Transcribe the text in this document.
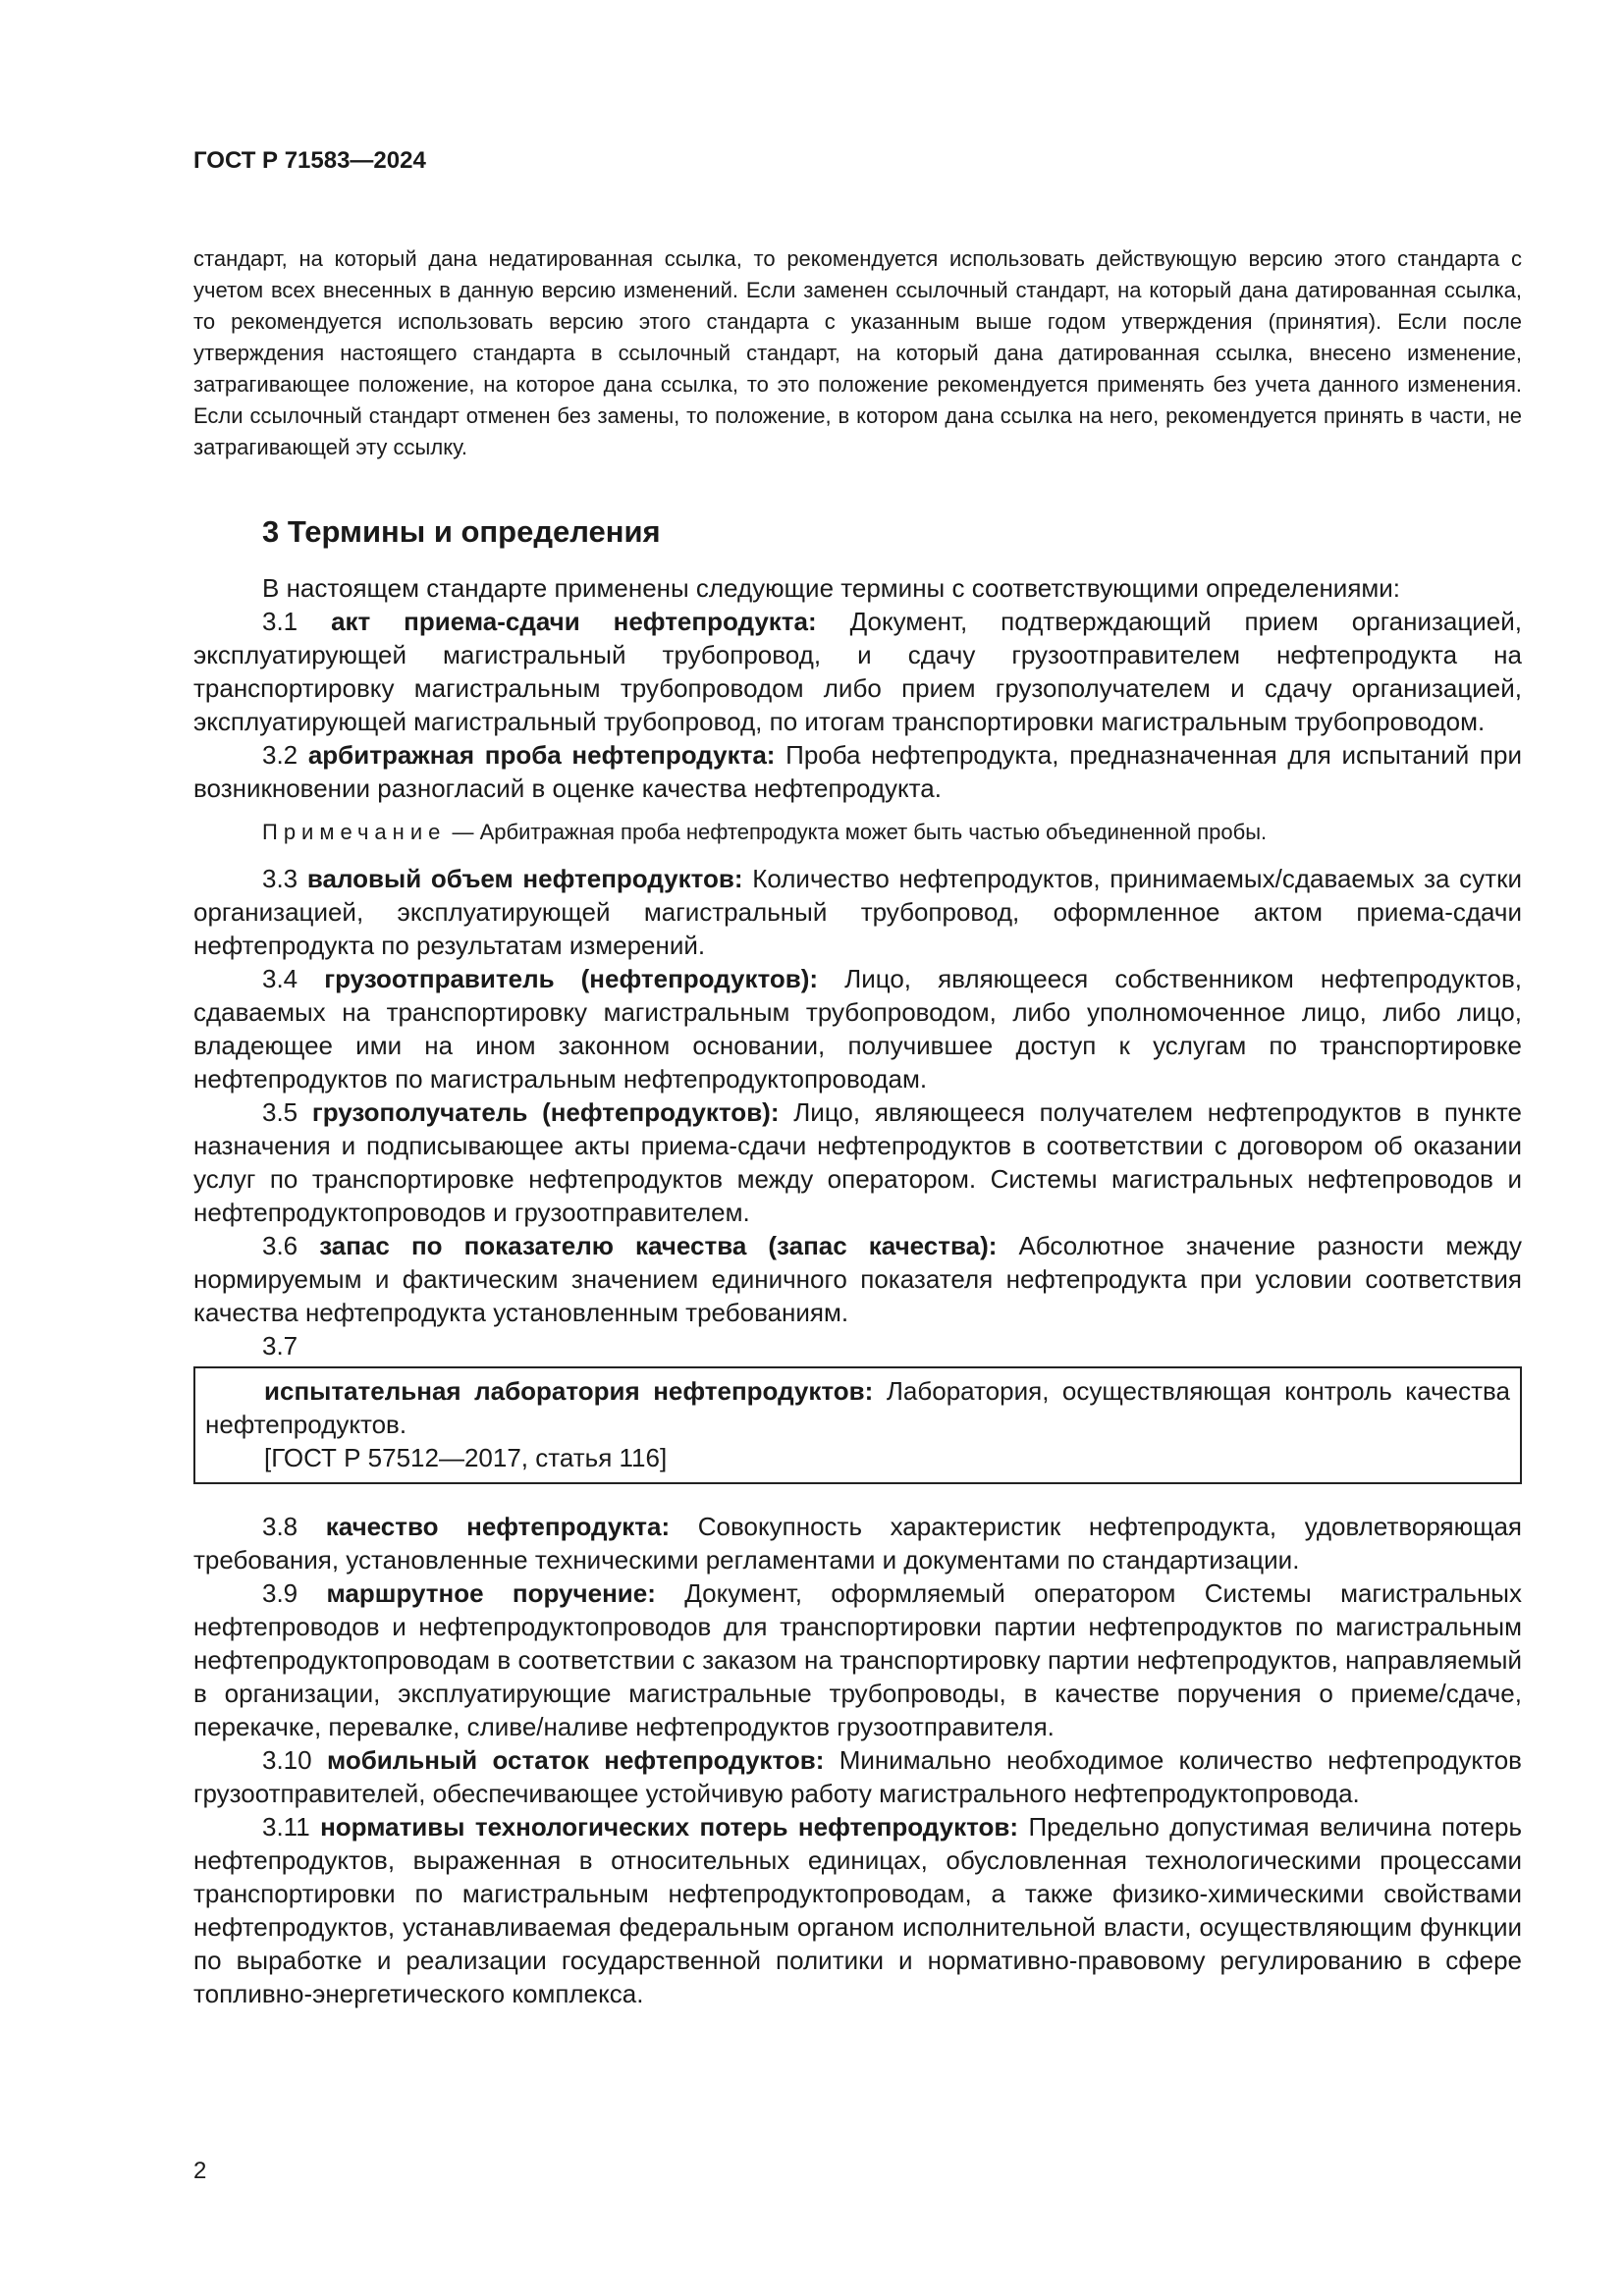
ГОСТ Р 71583—2024

стандарт, на который дана недатированная ссылка, то рекомендуется использовать действующую версию этого стандарта с учетом всех внесенных в данную версию изменений. Если заменен ссылочный стандарт, на который дана датированная ссылка, то рекомендуется использовать версию этого стандарта с указанным выше годом утверждения (принятия). Если после утверждения настоящего стандарта в ссылочный стандарт, на который дана датированная ссылка, внесено изменение, затрагивающее положение, на которое дана ссылка, то это положение рекомендуется применять без учета данного изменения. Если ссылочный стандарт отменен без замены, то положение, в котором дана ссылка на него, рекомендуется принять в части, не затрагивающей эту ссылку.

3 Термины и определения

В настоящем стандарте применены следующие термины с соответствующими определениями:

3.1 акт приема-сдачи нефтепродукта: Документ, подтверждающий прием организацией, эксплуатирующей магистральный трубопровод, и сдачу грузоотправителем нефтепродукта на транспортировку магистральным трубопроводом либо прием грузополучателем и сдачу организацией, эксплуатирующей магистральный трубопровод, по итогам транспортировки магистральным трубопроводом.

3.2 арбитражная проба нефтепродукта: Проба нефтепродукта, предназначенная для испытаний при возникновении разногласий в оценке качества нефтепродукта.

Примечание — Арбитражная проба нефтепродукта может быть частью объединенной пробы.

3.3 валовый объем нефтепродуктов: Количество нефтепродуктов, принимаемых/сдаваемых за сутки организацией, эксплуатирующей магистральный трубопровод, оформленное актом приема-сдачи нефтепродукта по результатам измерений.

3.4 грузоотправитель (нефтепродуктов): Лицо, являющееся собственником нефтепродуктов, сдаваемых на транспортировку магистральным трубопроводом, либо уполномоченное лицо, либо лицо, владеющее ими на ином законном основании, получившее доступ к услугам по транспортировке нефтепродуктов по магистральным нефтепродуктопроводам.

3.5 грузополучатель (нефтепродуктов): Лицо, являющееся получателем нефтепродуктов в пункте назначения и подписывающее акты приема-сдачи нефтепродуктов в соответствии с договором об оказании услуг по транспортировке нефтепродуктов между оператором. Системы магистральных нефтепроводов и нефтепродуктопроводов и грузоотправителем.

3.6 запас по показателю качества (запас качества): Абсолютное значение разности между нормируемым и фактическим значением единичного показателя нефтепродукта при условии соответствия качества нефтепродукта установленным требованиям.

3.7

испытательная лаборатория нефтепродуктов: Лаборатория, осуществляющая контроль качества нефтепродуктов.

[ГОСТ Р 57512—2017, статья 116]

3.8 качество нефтепродукта: Совокупность характеристик нефтепродукта, удовлетворяющая требования, установленные техническими регламентами и документами по стандартизации.

3.9 маршрутное поручение: Документ, оформляемый оператором Системы магистральных нефтепроводов и нефтепродуктопроводов для транспортировки партии нефтепродуктов по магистральным нефтепродуктопроводам в соответствии с заказом на транспортировку партии нефтепродуктов, направляемый в организации, эксплуатирующие магистральные трубопроводы, в качестве поручения о приеме/сдаче, перекачке, перевалке, сливе/наливе нефтепродуктов грузоотправителя.

3.10 мобильный остаток нефтепродуктов: Минимально необходимое количество нефтепродуктов грузоотправителей, обеспечивающее устойчивую работу магистрального нефтепродуктопровода.

3.11 нормативы технологических потерь нефтепродуктов: Предельно допустимая величина потерь нефтепродуктов, выраженная в относительных единицах, обусловленная технологическими процессами транспортировки по магистральным нефтепродуктопроводам, а также физико-химическими свойствами нефтепродуктов, устанавливаемая федеральным органом исполнительной власти, осуществляющим функции по выработке и реализации государственной политики и нормативно-правовому регулированию в сфере топливно-энергетического комплекса.

2
